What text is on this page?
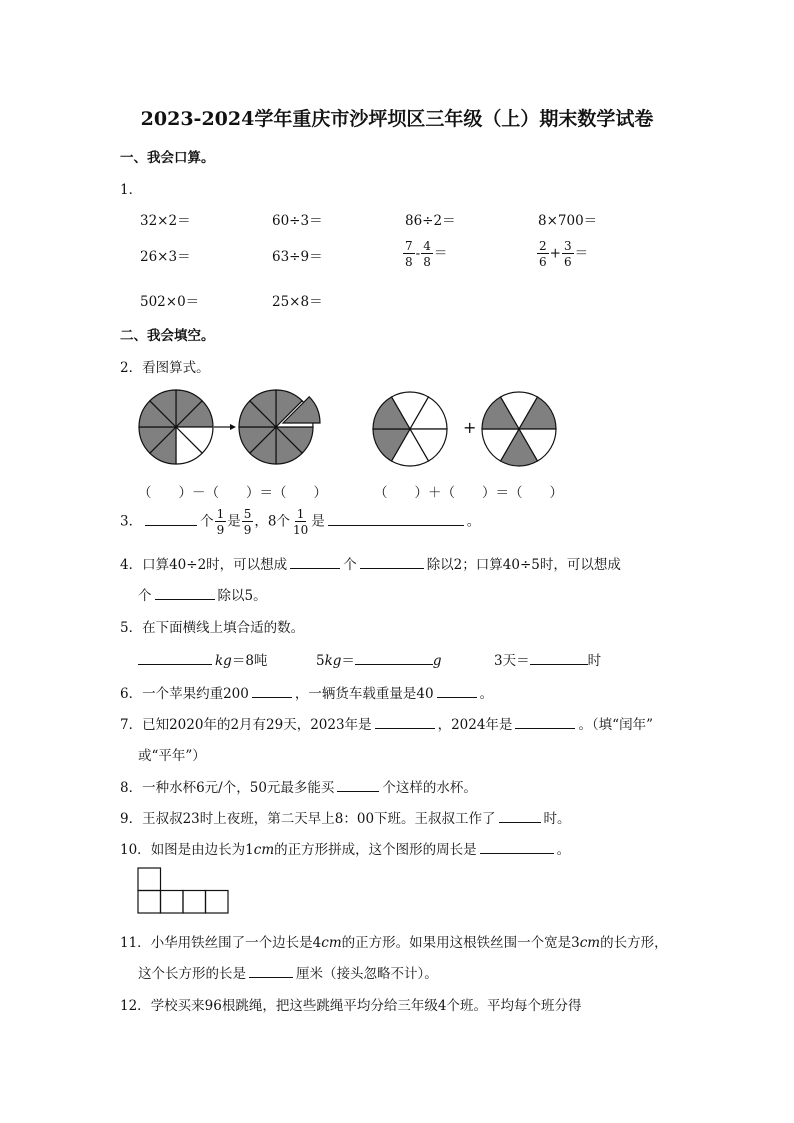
2023-2024学年重庆市沙坪坝区三年级（上）期末数学试卷
一、我会口算。
1．
32×2＝	60÷3＝	86÷2＝	8×700＝
26×3＝	63÷9＝	$\frac{7}{8} - \frac{4}{8}$ ＝	$\frac{2}{6} + \frac{3}{6}$ ＝
502×0＝	25×8＝
二、我会填空。
2．看图算式。
+
（　　）－（　　）＝（　　）	（　　）＋（　　）＝（　　）
3．	个 $\frac{1}{9}$ 是 $\frac{5}{9}$ ，8个 $\frac{1}{10}$ 是	。
4．口算40÷2时，可以想成	个	除以2；口算40÷5时，可以想成
个	除以5。
5．在下面横线上填合适的数。
kg＝8吨	5kg＝	g	3天＝	时
6．一个苹果约重200	，一辆货车载重量是40	。
7．已知2020年的2月有29天，2023年是	，2024年是	。（填“闰年”
或“平年”）
8．一种水杯6元/个，50元最多能买	个这样的水杯。
9．王叔叔23时上夜班，第二天早上8：00下班。王叔叔工作了	时。
10．如图是由边长为1cm的正方形拼成，这个图形的周长是	。
11．小华用铁丝围了一个边长是4cm的正方形。如果用这根铁丝围一个宽是3cm的长方形，
这个长方形的长是	厘米（接头忽略不计）。
12．学校买来96根跳绳，把这些跳绳平均分给三年级4个班。平均每个班分得
